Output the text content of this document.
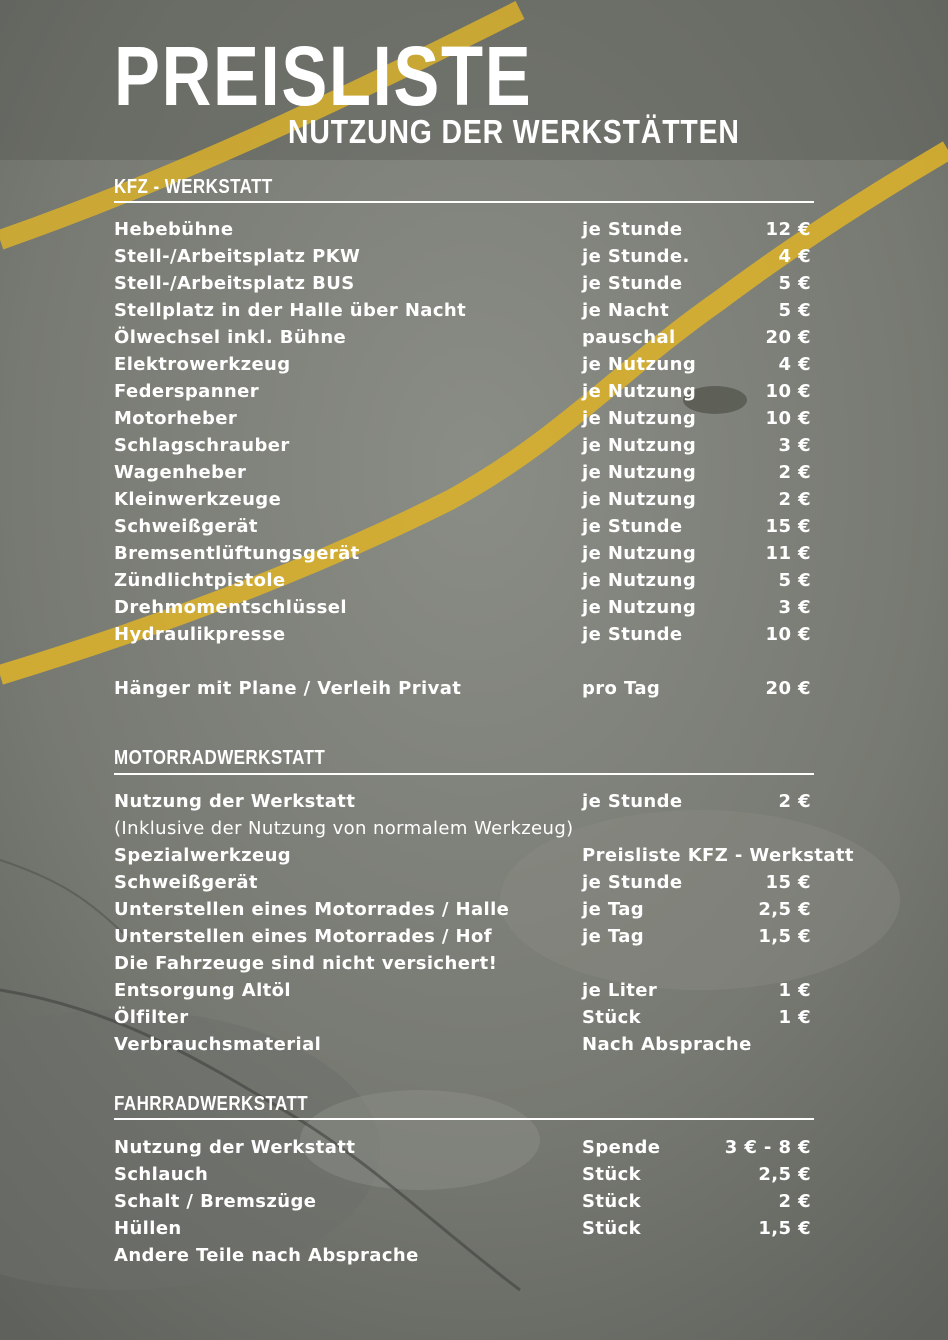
PREISLISTE
NUTZUNG DER WERKSTÄTTEN
KFZ - WERKSTATT
Hebebühne	je Stunde	12 €
Stell-/Arbeitsplatz PKW	je Stunde.	4 €
Stell-/Arbeitsplatz BUS	je Stunde	5 €
Stellplatz in der Halle über Nacht	je Nacht	5 €
Ölwechsel inkl. Bühne	pauschal	20 €
Elektrowerkzeug	je Nutzung	4 €
Federspanner	je Nutzung	10 €
Motorheber	je Nutzung	10 €
Schlagschrauber	je Nutzung	3 €
Wagenheber	je Nutzung	2 €
Kleinwerkzeuge	je Nutzung	2 €
Schweißgerät	je Stunde	15 €
Bremsentlüftungsgerät	je Nutzung	11 €
Zündlichtpistole	je Nutzung	5 €
Drehmomentschlüssel	je Nutzung	3 €
Hydraulikpresse	je Stunde	10 €
Hänger mit Plane / Verleih Privat	pro Tag	20 €
MOTORRADWERKSTATT
Nutzung der Werkstatt	je Stunde	2 €
(Inklusive der Nutzung von normalem Werkzeug)
Spezialwerkzeug	Preisliste KFZ - Werkstatt
Schweißgerät	je Stunde	15 €
Unterstellen eines Motorrades / Halle	je Tag	2,5 €
Unterstellen eines Motorrades / Hof	je Tag	1,5 €
Die Fahrzeuge sind nicht versichert!
Entsorgung Altöl	je Liter	1 €
Ölfilter	Stück	1 €
Verbrauchsmaterial	Nach Absprache
FAHRRADWERKSTATT
Nutzung der Werkstatt	Spende	3 € - 8 €
Schlauch	Stück	2,5 €
Schalt / Bremszüge	Stück	2 €
Hüllen	Stück	1,5 €
Andere Teile nach Absprache
